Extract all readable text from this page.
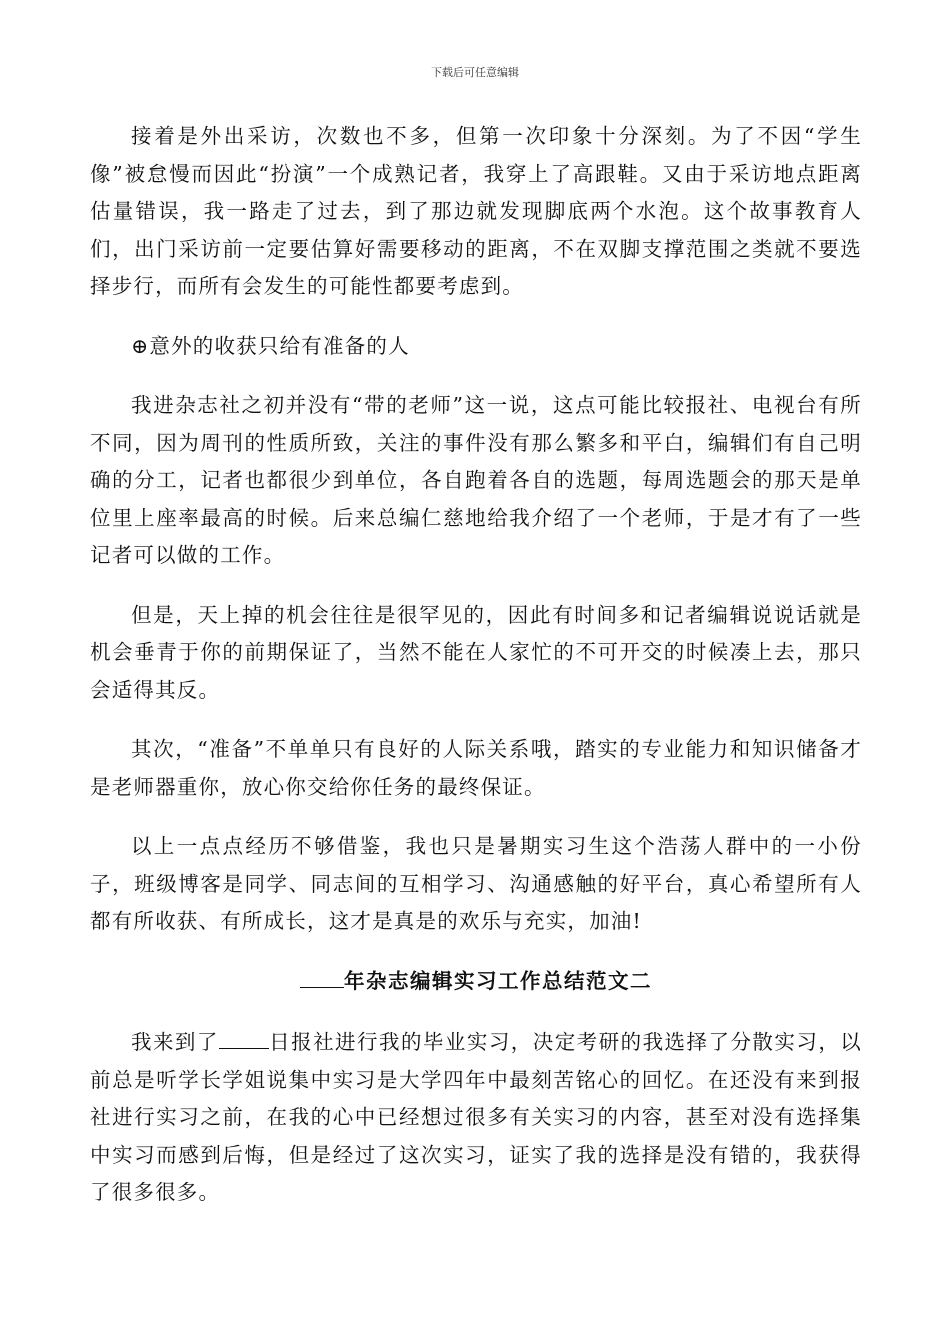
下载后可任意编辑

接着是外出采访，次数也不多，但第一次印象十分深刻。为了不因“学生像”被怠慢而因此“扮演”一个成熟记者，我穿上了高跟鞋。又由于采访地点距离估量错误，我一路走了过去，到了那边就发现脚底两个水泡。这个故事教育人们，出门采访前一定要估算好需要移动的距离，不在双脚支撑范围之类就不要选择步行，而所有会发生的可能性都要考虑到。

⊕意外的收获只给有准备的人

我进杂志社之初并没有“带的老师”这一说，这点可能比较报社、电视台有所不同，因为周刊的性质所致，关注的事件没有那么繁多和平白，编辑们有自己明确的分工，记者也都很少到单位，各自跑着各自的选题，每周选题会的那天是单位里上座率最高的时候。后来总编仁慈地给我介绍了一个老师，于是才有了一些记者可以做的工作。

但是，天上掉的机会往往是很罕见的，因此有时间多和记者编辑说说话就是机会垂青于你的前期保证了，当然不能在人家忙的不可开交的时候凑上去，那只会适得其反。

其次，“准备”不单单只有良好的人际关系哦，踏实的专业能力和知识储备才是老师器重你，放心你交给你任务的最终保证。

以上一点点经历不够借鉴，我也只是暑期实习生这个浩荡人群中的一小份子，班级博客是同学、同志间的互相学习、沟通感触的好平台，真心希望所有人都有所收获、有所成长，这才是真是的欢乐与充实，加油!

年杂志编辑实习工作总结范文二

我来到了 日报社进行我的毕业实习，决定考研的我选择了分散实习，以前总是听学长学姐说集中实习是大学四年中最刻苦铭心的回忆。在还没有来到报社进行实习之前，在我的心中已经想过很多有关实习的内容，甚至对没有选择集中实习而感到后悔，但是经过了这次实习，证实了我的选择是没有错的，我获得了很多很多。
